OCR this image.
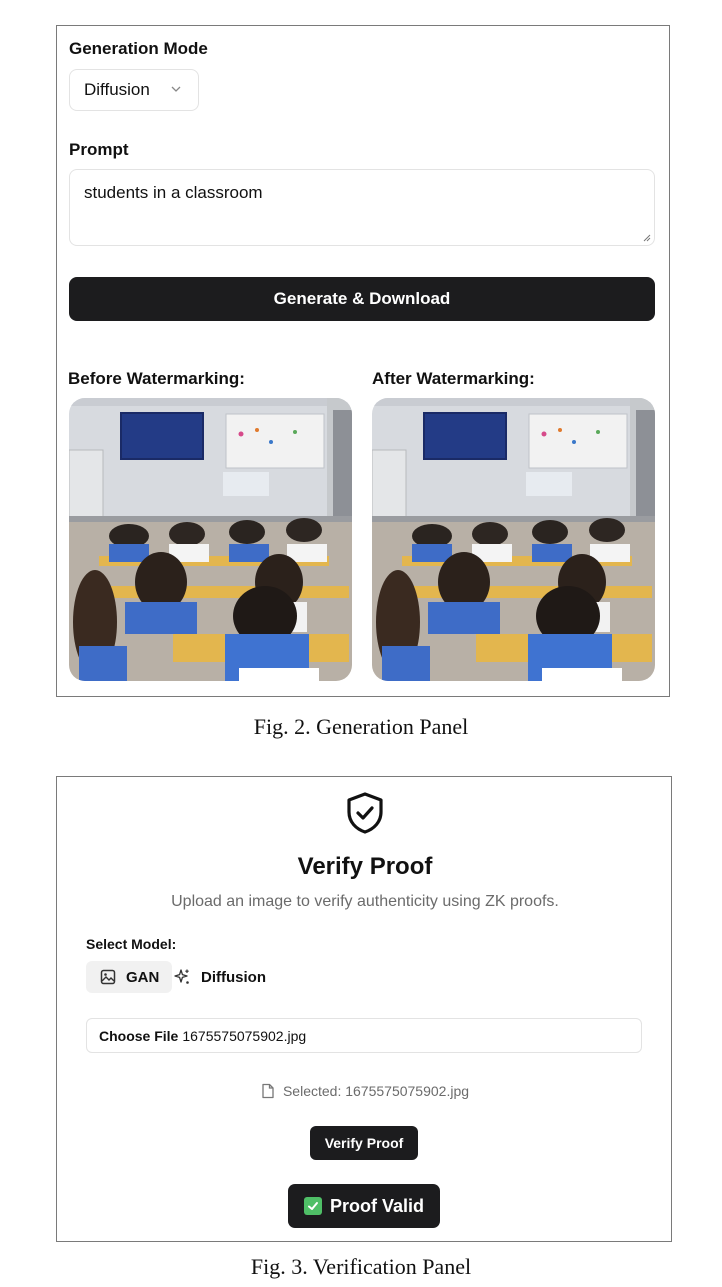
Generation Mode
Diffusion
Prompt
students in a classroom
Generate & Download
Before Watermarking:	After Watermarking:
Fig. 2. Generation Panel
Verify Proof
Upload an image to verify authenticity using ZK proofs.
Select Model:
GAN	Diffusion
Choose File 1675575075902.jpg
Selected: 1675575075902.jpg
Verify Proof
Proof Valid
Fig. 3. Verification Panel
